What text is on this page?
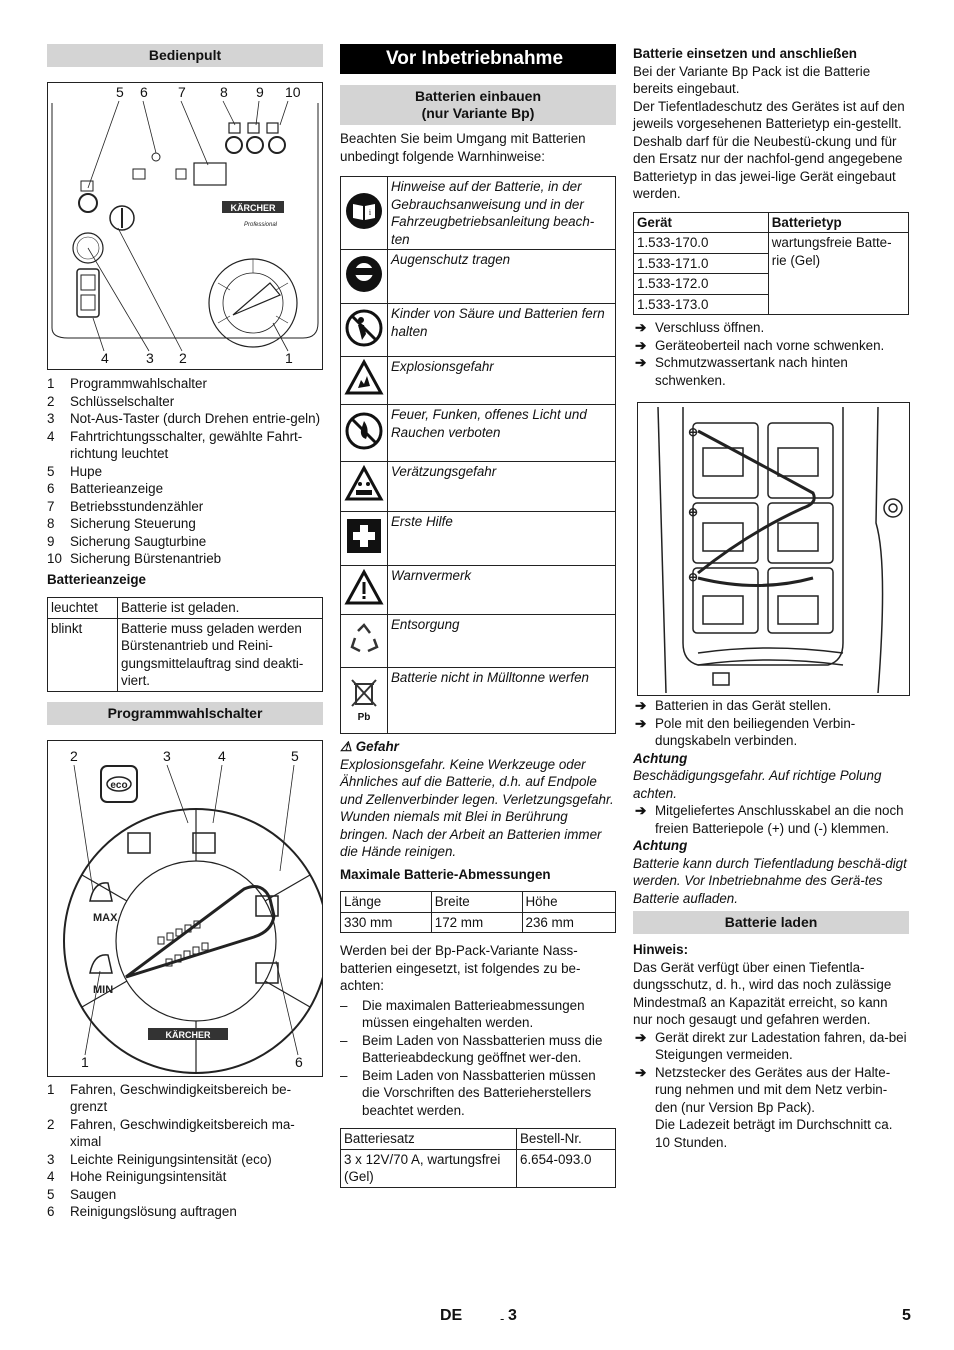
Bedienpult
5 6 7 8 9 10
4	3 2	1
KÄRCHER
Professional
1	Programmwahlschalter
2	Schlüsselschalter
3	Not-Aus-Taster (durch Drehen entrie-geln)
4	Fahrtrichtungsschalter, gewählte Fahrt-richtung leuchtet
5	Hupe
6	Batterieanzeige
7	Betriebsstundenzähler
8	Sicherung Steuerung
9	Sicherung Saugturbine
10 Sicherung Bürstenantrieb
Batterieanzeige
leuchtet	Batterie ist geladen.
blinkt	Batterie muss geladen werden Bürstenantrieb und Reini-gungsmittelauftrag sind deakti-viert.
Programmwahlschalter
2	3	4	5
1	6
eco
MAX
MIN
KÄRCHER
1	Fahren, Geschwindigkeitsbereich be-grenzt
2	Fahren, Geschwindigkeitsbereich ma-ximal
3	Leichte Reinigungsintensität (eco)
4	Hohe Reinigungsintensität
5	Saugen
6	Reinigungslösung auftragen
Vor Inbetriebnahme
Batterien einbauen
(nur Variante Bp)
Beachten Sie beim Umgang mit Batterien unbedingt folgende Warnhinweise:
i	Hinweise auf der Batterie, in der Gebrauchsanweisung und in der Fahrzeugbetriebsanleitung beach-ten
	Augenschutz tragen
	Kinder von Säure und Batterien fern halten
	Explosionsgefahr
	Feuer, Funken, offenes Licht und Rauchen verboten
	Verätzungsgefahr
	Erste Hilfe
	Warnvermerk
	Entsorgung

Pb	Batterie nicht in Mülltonne werfen
⚠ Gefahr
Explosionsgefahr. Keine Werkzeuge oder Ähnliches auf die Batterie, d.h. auf Endpole und Zellenverbinder legen. Verletzungsgefahr. Wunden niemals mit Blei in Berührung bringen. Nach der Arbeit an Batterien immer die Hände reinigen.
Maximale Batterie-Abmessungen
Länge	Breite	Höhe
330 mm	172 mm	236 mm
Werden bei der Bp-Pack-Variante Nass-batterien eingesetzt, ist folgendes zu be-achten:
– Die maximalen Batterieabmessungen müssen eingehalten werden.
– Beim Laden von Nassbatterien muss die Batterieabdeckung geöffnet wer-den.
– Beim Laden von Nassbatterien müssen die Vorschriften des Batterieherstellers beachtet werden.
Batteriesatz	Bestell-Nr.
3 x 12V/70 A, wartungsfrei (Gel)	6.654-093.0
Batterie einsetzen und anschließen
Bei der Variante Bp Pack ist die Batterie bereits eingebaut.
Der Tiefentladeschutz des Gerätes ist auf den jeweils vorgesehenen Batterietyp ein-gestellt. Deshalb darf für die Neubestü-ckung und für den Ersatz nur der nachfol-gend angegebene Batterietyp in das jewei-lige Gerät eingebaut werden.
Gerät	Batterietyp
1.533-170.0	wartungsfreie Batte-rie (Gel)
1.533-171.0	
1.533-172.0	
1.533-173.0	
➔ Verschluss öffnen.
➔ Geräteoberteil nach vorne schwenken.
➔ Schmutzwassertank nach hinten schwenken.
⊖
⊕
⊖
➔ Batterien in das Gerät stellen.
➔ Pole mit den beiliegenden Verbin-dungskabeln verbinden.
Achtung
Beschädigungsgefahr. Auf richtige Polung achten.
➔ Mitgeliefertes Anschlusskabel an die noch freien Batteriepole (+) und (-) klemmen.
Achtung
Batterie kann durch Tiefentladung beschä-digt werden. Vor Inbetriebnahme des Gerä-tes Batterie aufladen.
Batterie laden
Hinweis:
Das Gerät verfügt über einen Tiefentla-dungsschutz, d. h., wird das noch zulässige Mindestmaß an Kapazität erreicht, so kann nur noch gesaugt und gefahren werden.
➔ Gerät direkt zur Ladestation fahren, da-bei Steigungen vermeiden.
➔ Netzstecker des Gerätes aus der Halte-rung nehmen und mit dem Netz verbin-den (nur Version Bp Pack).
Die Ladezeit beträgt im Durchschnitt ca. 10 Stunden.
DE	- 3	5
